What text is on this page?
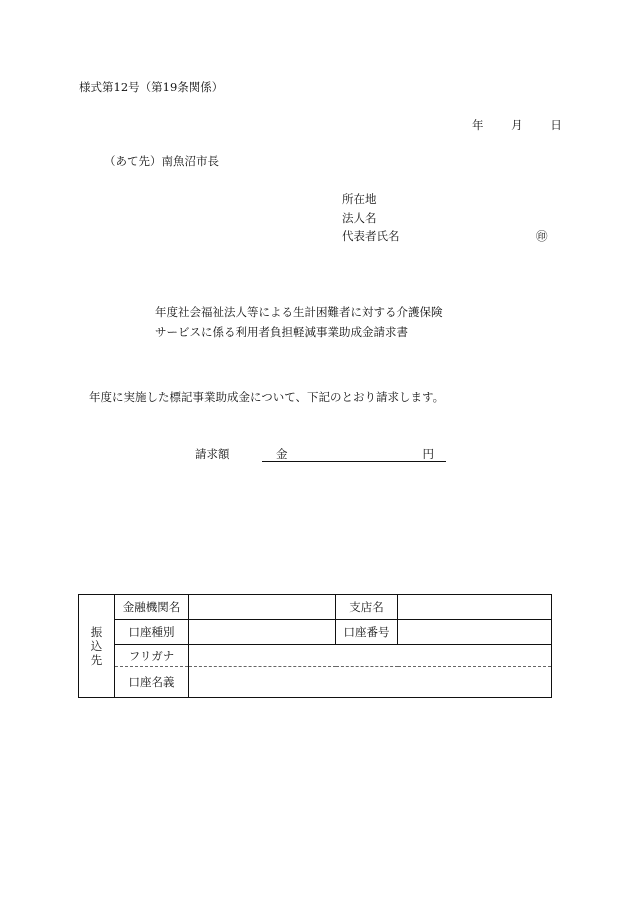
様式第12号（第19条関係）
年 月 日
（あて先）南魚沼市長
所在地
法人名
代表者氏名	㊞
年度社会福祉法人等による生計困難者に対する介護保険
サービスに係る利用者負担軽減事業助成金請求書
年度に実施した標記事業助成金について、下記のとおり請求します。
請求額	金	円
振
込
先	金融機関名		支店名	
	口座種別		口座番号	
	フリガナ			
	口座名義			
